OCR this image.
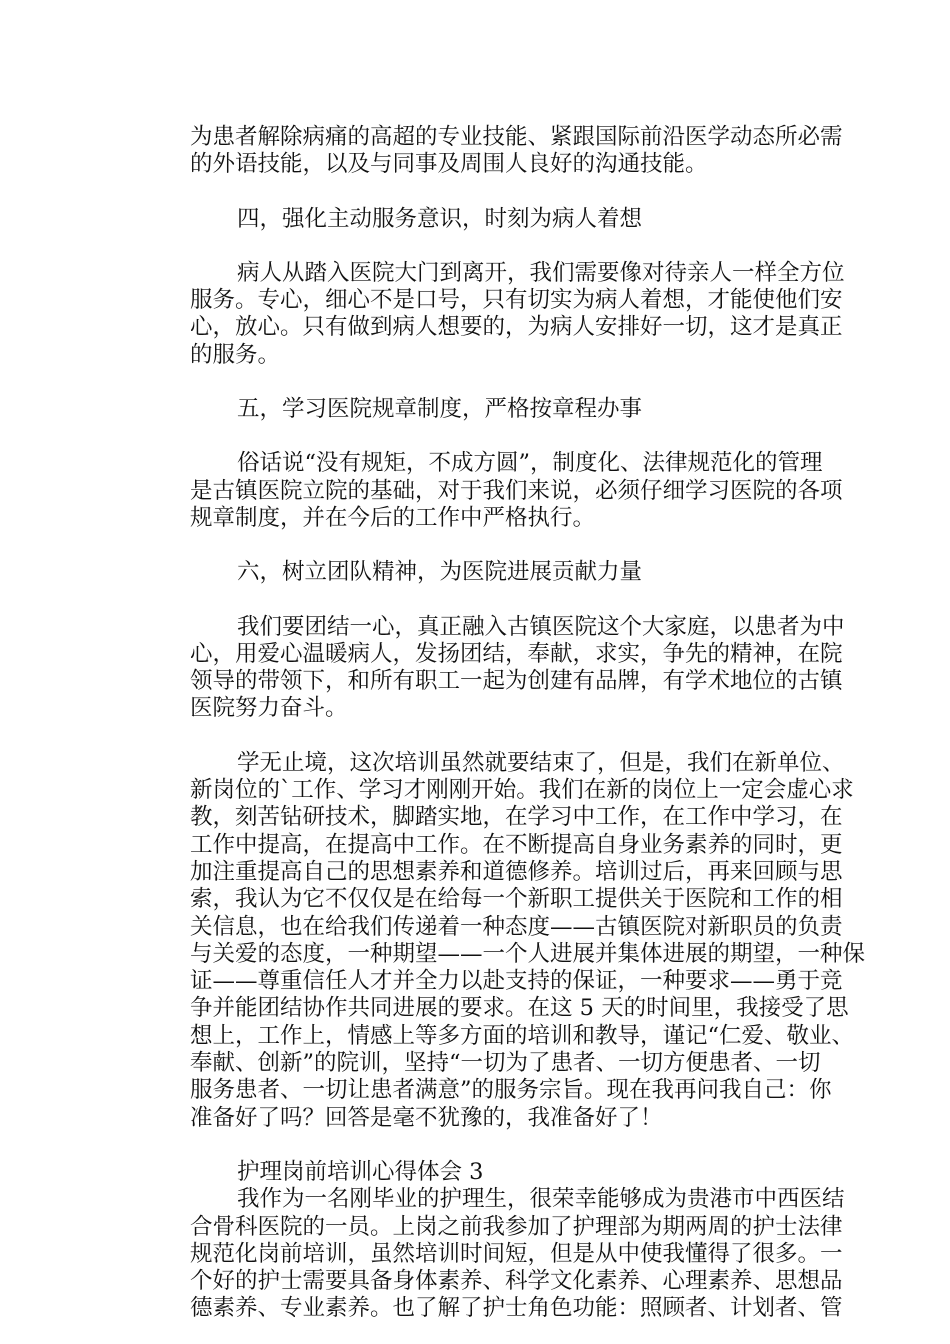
为患者解除病痛的高超的专业技能、紧跟国际前沿医学动态所必需
的外语技能，以及与同事及周围人良好的沟通技能。
四，强化主动服务意识，时刻为病人着想
病人从踏入医院大门到离开，我们需要像对待亲人一样全方位
服务。专心，细心不是口号，只有切实为病人着想，才能使他们安
心，放心。只有做到病人想要的，为病人安排好一切，这才是真正
的服务。
五，学习医院规章制度，严格按章程办事
俗话说“没有规矩，不成方圆”，制度化、法律规范化的管理
是古镇医院立院的基础，对于我们来说，必须仔细学习医院的各项
规章制度，并在今后的工作中严格执行。
六，树立团队精神，为医院进展贡献力量
我们要团结一心，真正融入古镇医院这个大家庭，以患者为中
心，用爱心温暖病人，发扬团结，奉献，求实，争先的精神，在院
领导的带领下，和所有职工一起为创建有品牌，有学术地位的古镇
医院努力奋斗。
学无止境，这次培训虽然就要结束了，但是，我们在新单位、
新岗位的`工作、学习才刚刚开始。我们在新的岗位上一定会虚心求
教，刻苦钻研技术，脚踏实地，在学习中工作，在工作中学习，在
工作中提高，在提高中工作。在不断提高自身业务素养的同时，更
加注重提高自己的思想素养和道德修养。培训过后，再来回顾与思
索，我认为它不仅仅是在给每一个新职工提供关于医院和工作的相
关信息，也在给我们传递着一种态度——古镇医院对新职员的负责
与关爱的态度，一种期望——一个人进展并集体进展的期望，一种保
证——尊重信任人才并全力以赴支持的保证，一种要求——勇于竞
争并能团结协作共同进展的要求。在这 5 天的时间里，我接受了思
想上，工作上，情感上等多方面的培训和教导，谨记“仁爱、敬业、
奉献、创新”的院训，坚持“一切为了患者、一切方便患者、一切
服务患者、一切让患者满意”的服务宗旨。现在我再问我自己：你
准备好了吗？回答是毫不犹豫的，我准备好了！
护理岗前培训心得体会 3
我作为一名刚毕业的护理生，很荣幸能够成为贵港市中西医结
合骨科医院的一员。上岗之前我参加了护理部为期两周的护士法律
规范化岗前培训，虽然培训时间短，但是从中使我懂得了很多。一
个好的护士需要具备身体素养、科学文化素养、心理素养、思想品
德素养、专业素养。也了解了护士角色功能：照顾者、计划者、管
